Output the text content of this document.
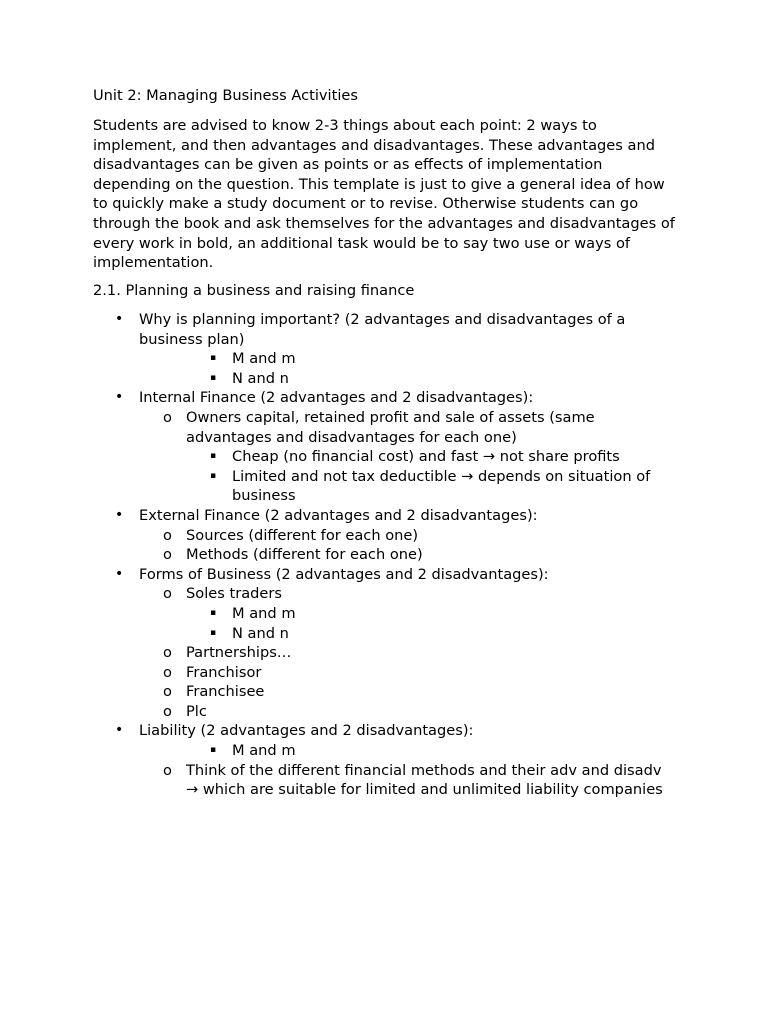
Unit 2: Managing Business Activities

Students are advised to know 2-3 things about each point: 2 ways to implement, and then advantages and disadvantages. These advantages and disadvantages can be given as points or as effects of implementation depending on the question. This template is just to give a general idea of how to quickly make a study document or to revise. Otherwise students can go through the book and ask themselves for the advantages and disadvantages of every work in bold, an additional task would be to say two use or ways of implementation.

2.1. Planning a business and raising finance
• Why is planning important? (2 advantages and disadvantages of a business plan)
▪ M and m
▪ N and n
• Internal Finance (2 advantages and 2 disadvantages):
o Owners capital, retained profit and sale of assets (same advantages and disadvantages for each one)
▪ Cheap (no financial cost) and fast → not share profits
▪ Limited and not tax deductible → depends on situation of business
• External Finance (2 advantages and 2 disadvantages):
o Sources (different for each one)
o Methods (different for each one)
• Forms of Business (2 advantages and 2 disadvantages):
o Soles traders
▪ M and m
▪ N and n
o Partnerships…
o Franchisor
o Franchisee
o Plc
• Liability (2 advantages and 2 disadvantages):
▪ M and m
o Think of the different financial methods and their adv and disadv → which are suitable for limited and unlimited liability companies
